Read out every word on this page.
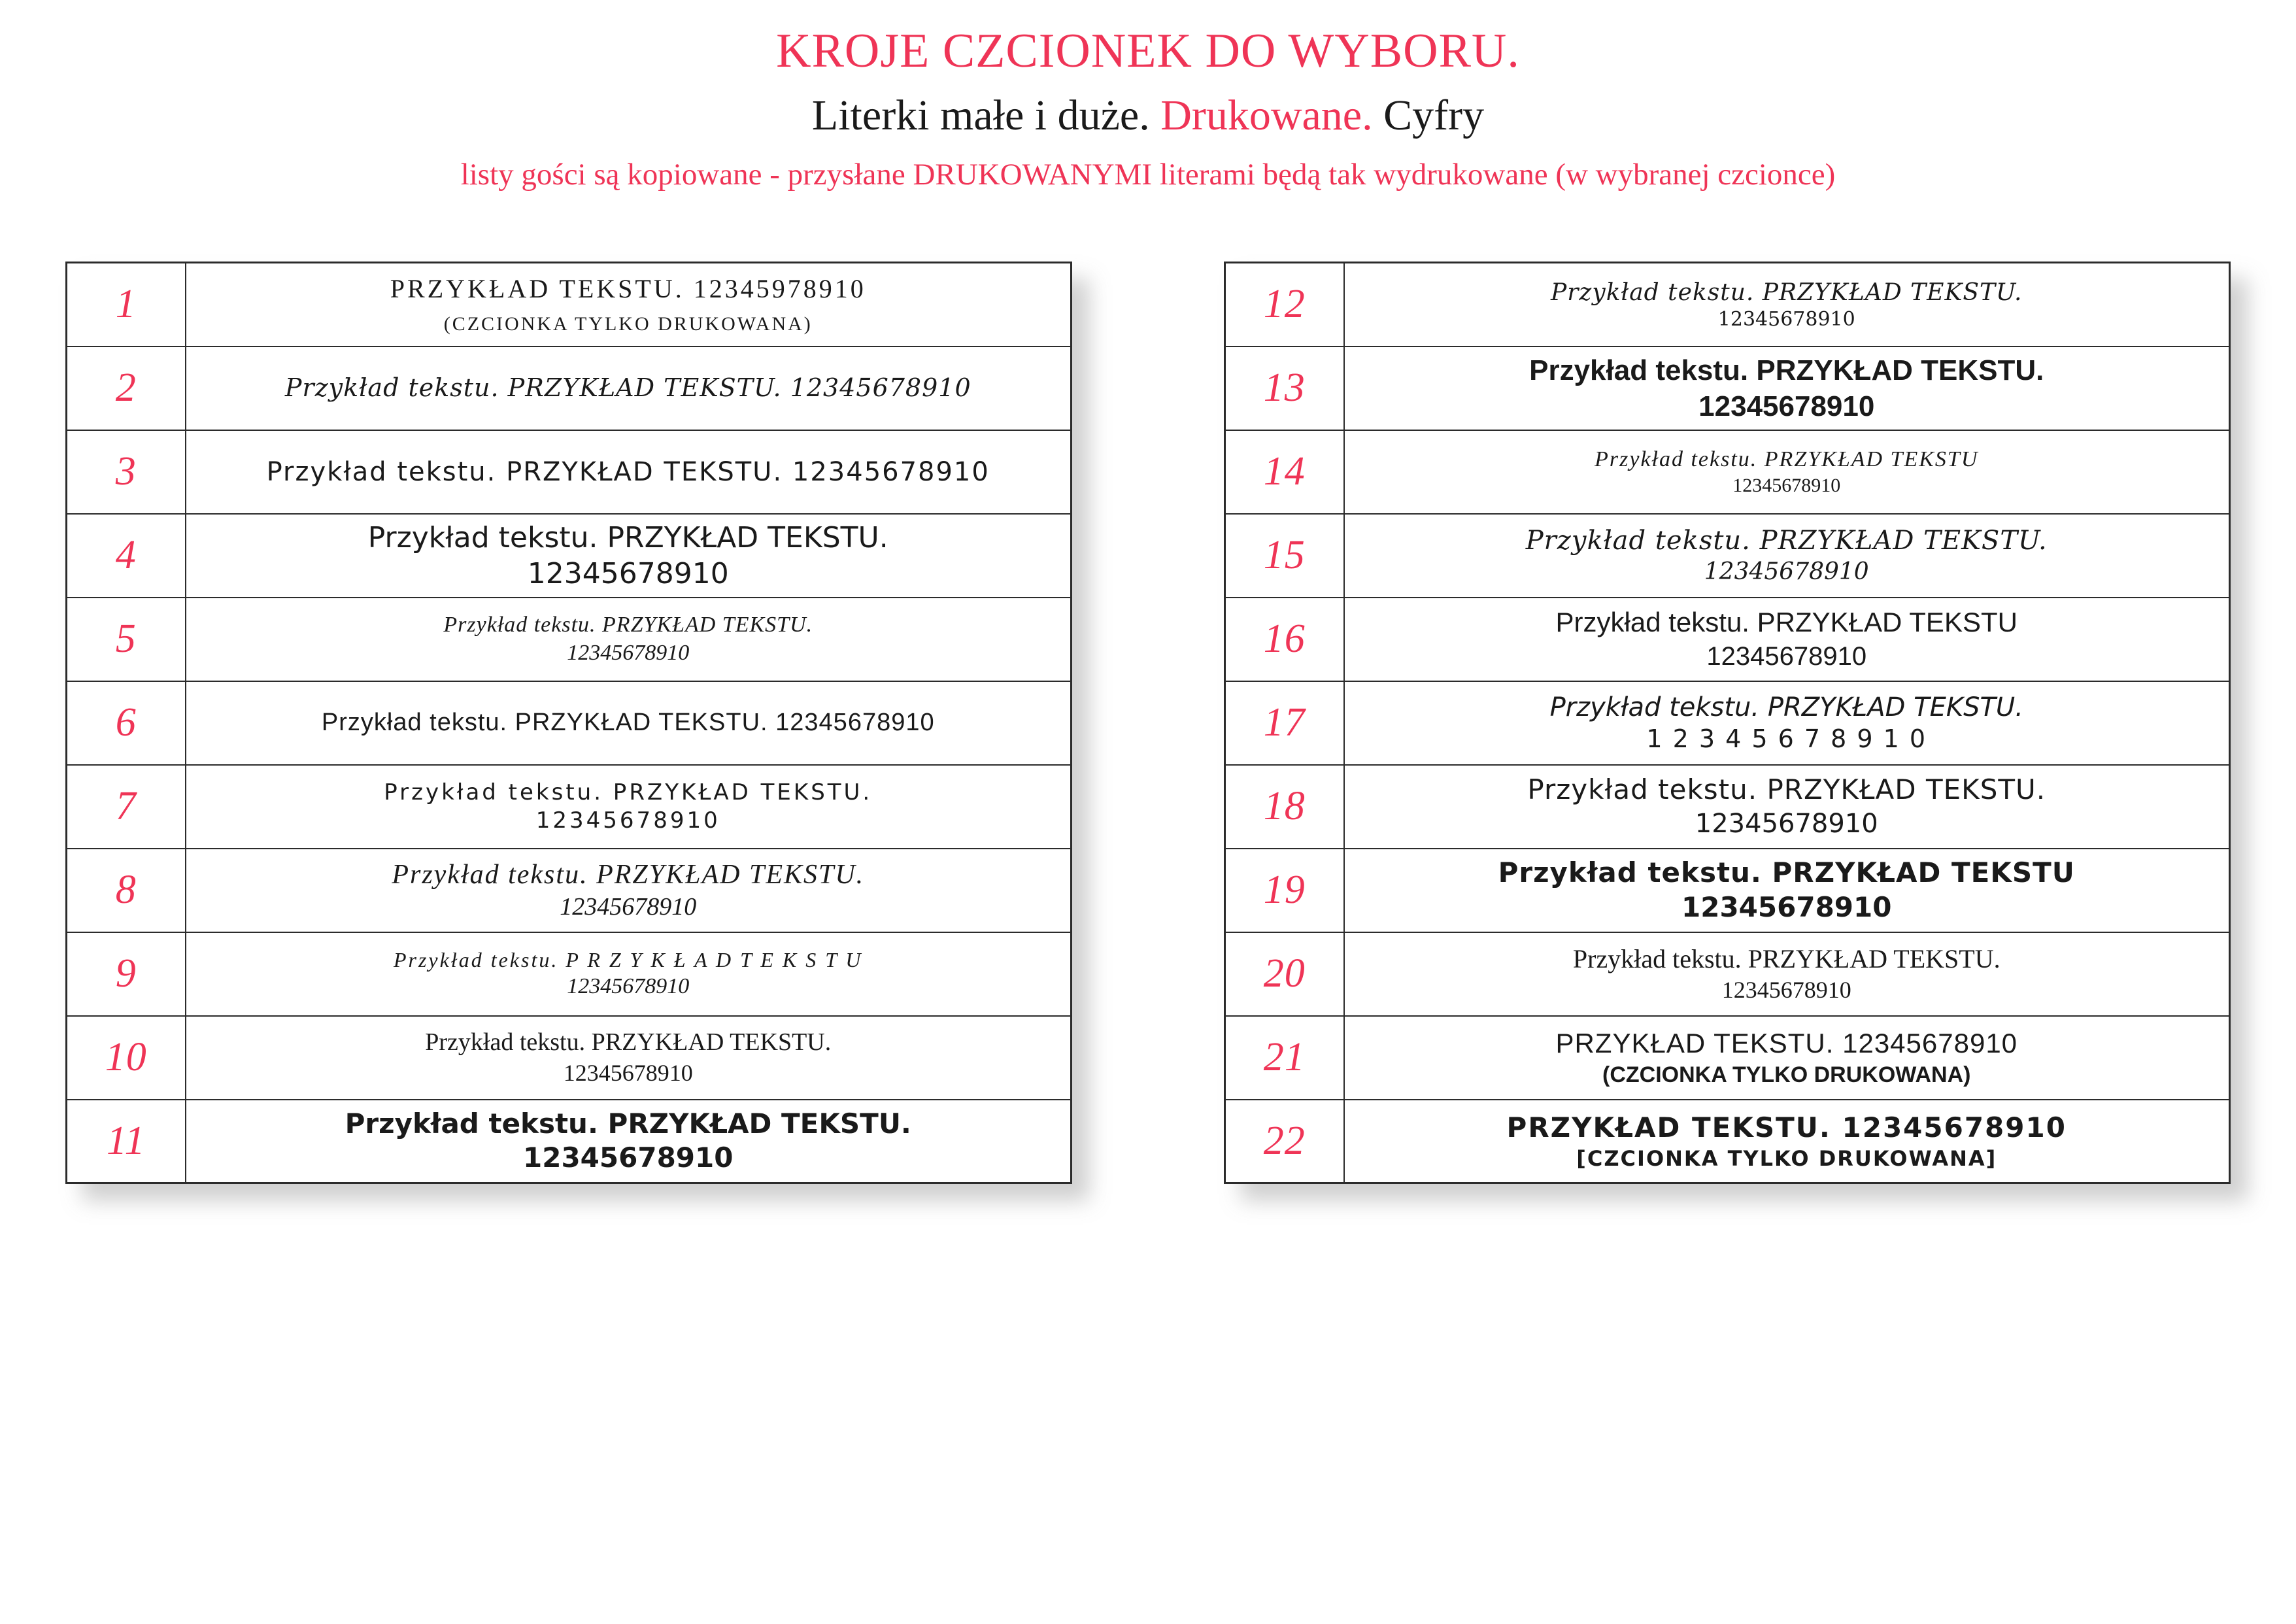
KROJE CZCIONEK DO WYBORU.
Literki małe i duże. Drukowane. Cyfry
listy gości są kopiowane - przysłane DRUKOWANYMI literami będą tak wydrukowane (w wybranej czcionce)
1	PRZYKŁAD TEKSTU. 12345978910
(CZCIONKA TYLKO DRUKOWANA)

2	Przykład tekstu. PRZYKŁAD TEKSTU. 12345678910

3	Przykład tekstu. PRZYKŁAD TEKSTU. 12345678910

4	Przykład tekstu. PRZYKŁAD TEKSTU.
12345678910

5	Przykład tekstu. PRZYKŁAD TEKSTU.
12345678910

6	Przykład tekstu. PRZYKŁAD TEKSTU. 12345678910

7	Przykład tekstu. PRZYKŁAD TEKSTU.
12345678910

8	Przykład tekstu. PRZYKŁAD TEKSTU.
12345678910

9	Przykład tekstu. P R Z Y K Ł A D T E K S T U
12345678910

10	Przykład tekstu. PRZYKŁAD TEKSTU.
12345678910

11	Przykład tekstu. PRZYKŁAD TEKSTU.
12345678910
12	Przykład tekstu. PRZYKŁAD TEKSTU.
12345678910

13	Przykład tekstu. PRZYKŁAD TEKSTU.
12345678910

14	Przykład tekstu. PRZYKŁAD TEKSTU
12345678910

15	Przykład tekstu. PRZYKŁAD TEKSTU.
12345678910

16	Przykład tekstu. PRZYKŁAD TEKSTU
12345678910

17	Przykład tekstu. PRZYKŁAD TEKSTU.
1 2 3 4 5 6 7 8 9 1 0

18	Przykład tekstu. PRZYKŁAD TEKSTU.
12345678910

19	Przykład tekstu. PRZYKŁAD TEKSTU
12345678910

20	Przykład tekstu. PRZYKŁAD TEKSTU.
12345678910

21	PRZYKŁAD TEKSTU. 12345678910
(CZCIONKA TYLKO DRUKOWANA)

22	PRZYKŁAD TEKSTU. 12345678910
[CZCIONKA TYLKO DRUKOWANA]
